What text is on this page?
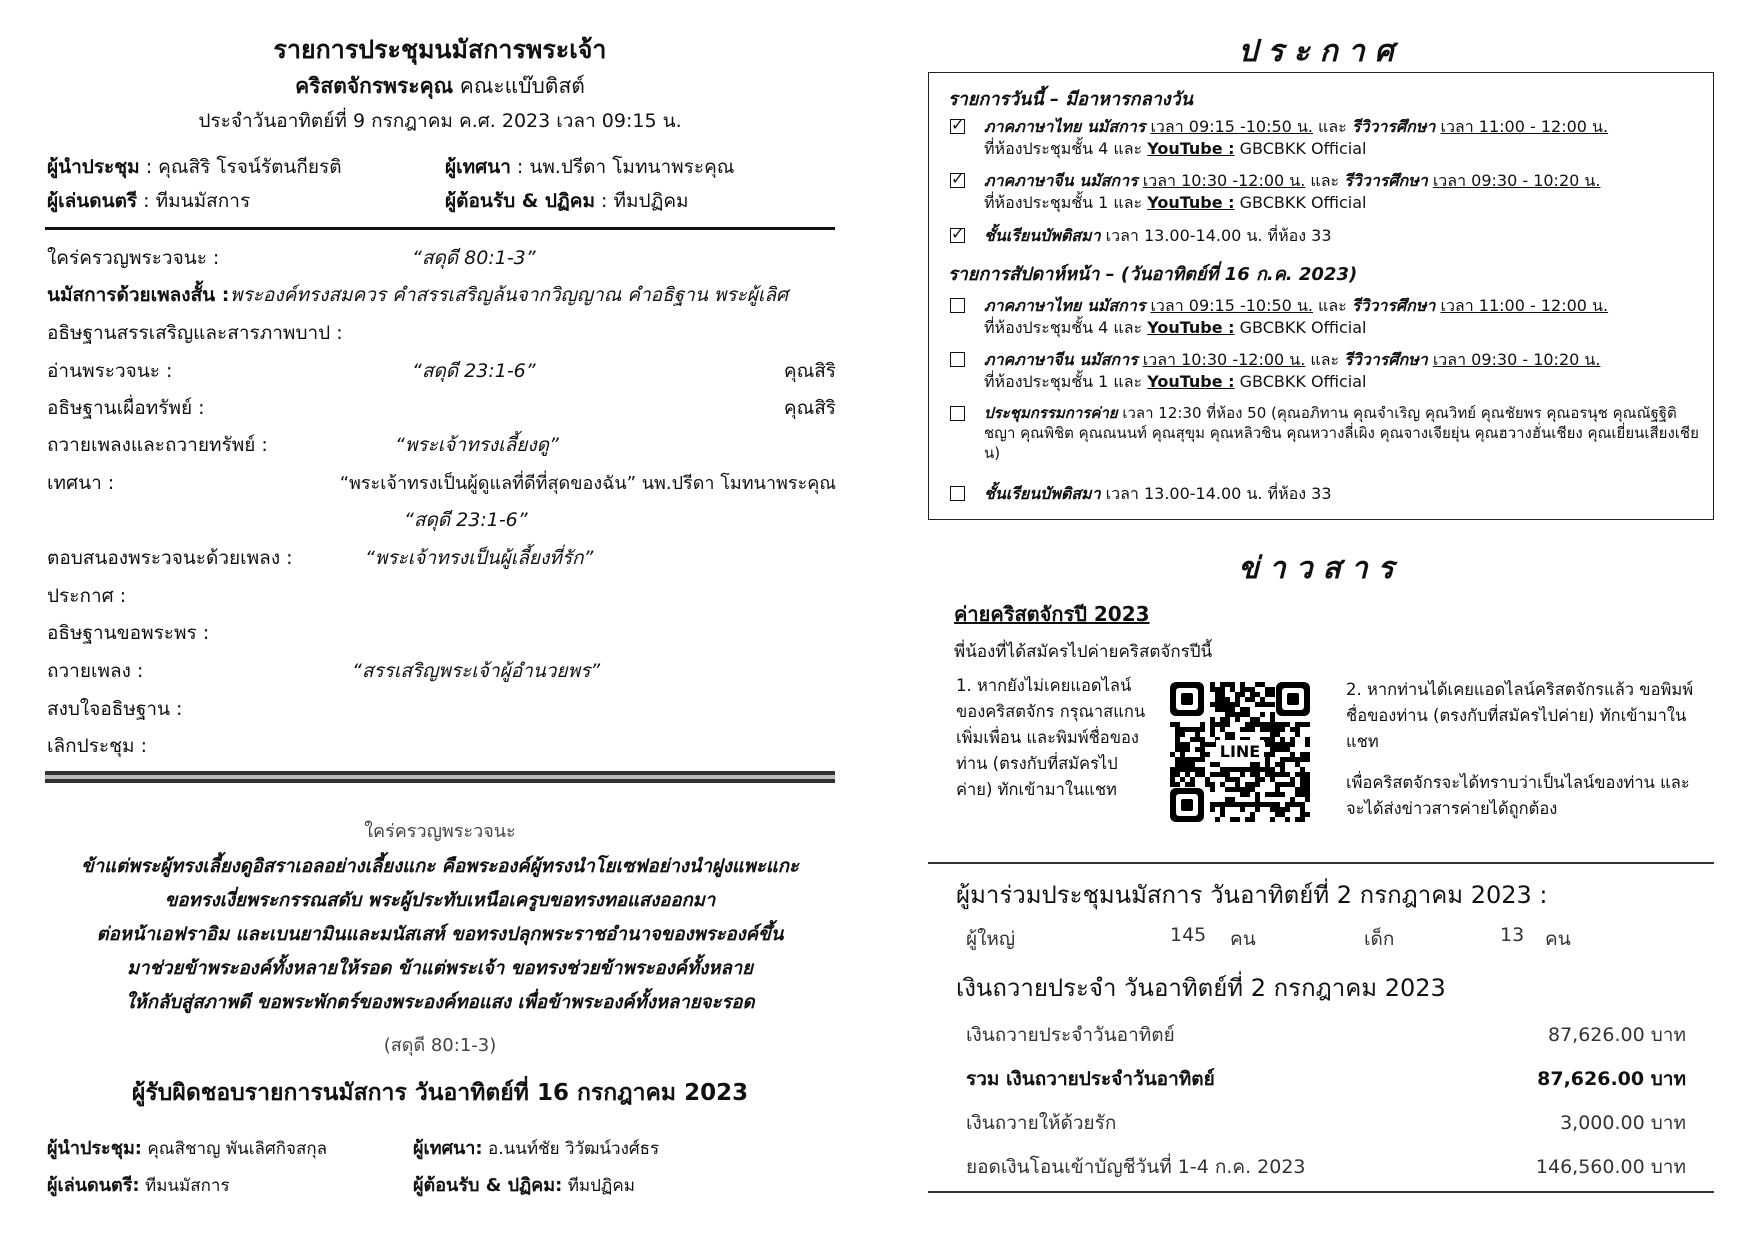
รายการประชุมนมัสการพระเจ้า
คริสตจักรพระคุณ คณะแบ๊บติสต์
ประจำวันอาทิตย์ที่ 9 กรกฎาคม ค.ศ. 2023 เวลา 09:15 น.
ผู้นำประชุม : คุณสิริ โรจน์รัตนกียรติ	ผู้เทศนา : นพ.ปรีดา โมทนาพระคุณ
ผู้เล่นดนตรี : ทีมนมัสการ	ผู้ต้อนรับ & ปฏิคม : ทีมปฏิคม
ใคร่ครวญพระวจนะ :	“สดุดี 80:1-3”
นมัสการด้วยเพลงสั้น : พระองค์ทรงสมควร คำสรรเสริญล้นจากวิญญาณ คำอธิฐาน พระผู้เลิศ
อธิษฐานสรรเสริญและสารภาพบาป :
อ่านพระวจนะ :	“สดุดี 23:1-6”	คุณสิริ
อธิษฐานเผื่อทรัพย์ :	คุณสิริ
ถวายเพลงและถวายทรัพย์ :	“พระเจ้าทรงเลี้ยงดู”
เทศนา :	“พระเจ้าทรงเป็นผู้ดูแลที่ดีที่สุดของฉัน” นพ.ปรีดา โมทนาพระคุณ
“สดุดี 23:1-6”
ตอบสนองพระวจนะด้วยเพลง :	“พระเจ้าทรงเป็นผู้เลี้ยงที่รัก”
ประกาศ :
อธิษฐานขอพระพร :
ถวายเพลง :	“สรรเสริญพระเจ้าผู้อำนวยพร”
สงบใจอธิษฐาน :
เลิกประชุม :
ใคร่ครวญพระวจนะ
ข้าแต่พระผู้ทรงเลี้ยงดูอิสราเอลอย่างเลี้ยงแกะ คือพระองค์ผู้ทรงนำโยเซฟอย่างนำฝูงแพะแกะ
ขอทรงเงี่ยพระกรรณสดับ พระผู้ประทับเหนือเครูบขอทรงทอแสงออกมา
ต่อหน้าเอฟราอิม และเบนยามินและมนัสเสห์ ขอทรงปลุกพระราชอำนาจของพระองค์ขึ้น
มาช่วยข้าพระองค์ทั้งหลายให้รอด ข้าแต่พระเจ้า ขอทรงช่วยข้าพระองค์ทั้งหลาย
ให้กลับสู่สภาพดี ขอพระพักตร์ของพระองค์ทอแสง เพื่อข้าพระองค์ทั้งหลายจะรอด
(สดุดี 80:1-3)
ผู้รับผิดชอบรายการนมัสการ วันอาทิตย์ที่ 16 กรกฎาคม 2023
ผู้นำประชุม: คุณสิชาญ พันเลิศกิจสกุล	ผู้เทศนา: อ.นนท์ชัย วิวัฒน์วงศ์ธร
ผู้เล่นดนตรี: ทีมนมัสการ	ผู้ต้อนรับ & ปฏิคม: ทีมปฏิคม
ประกาศ
รายการวันนี้ – มีอาหารกลางวัน
✓
ภาคภาษาไทย นมัสการ เวลา 09:15 -10:50 น. และ รีวิวารศึกษา เวลา 11:00 - 12:00 น.
ที่ห้องประชุมชั้น 4 และ YouTube : GBCBKK Official
✓
ภาคภาษาจีน นมัสการ เวลา 10:30 -12:00 น. และ รีวิวารศึกษา เวลา 09:30 - 10:20 น.
ที่ห้องประชุมชั้น 1 และ YouTube : GBCBKK Official
✓
ชั้นเรียนบัพติสมา เวลา 13.00-14.00 น. ที่ห้อง 33
รายการสัปดาห์หน้า – (วันอาทิตย์ที่ 16 ก.ค. 2023)
ภาคภาษาไทย นมัสการ เวลา 09:15 -10:50 น. และ รีวิวารศึกษา เวลา 11:00 - 12:00 น.
ที่ห้องประชุมชั้น 4 และ YouTube : GBCBKK Official
ภาคภาษาจีน นมัสการ เวลา 10:30 -12:00 น. และ รีวิวารศึกษา เวลา 09:30 - 10:20 น.
ที่ห้องประชุมชั้น 1 และ YouTube : GBCBKK Official
ประชุมกรรมการค่าย เวลา 12:30 ที่ห้อง 50 (คุณอภิทาน คุณจำเริญ คุณวิทย์ คุณชัยพร คุณอรนุช คุณณัฐฐิติชญา คุณพิชิต คุณณนนท์ คุณสุขุม คุณหลิวชิน คุณหวางลี่เผิง คุณจางเจียยุ่น คุณฮวางฮั่นเชียง คุณเยี่ยนเสียงเชียน)
ชั้นเรียนบัพติสมา เวลา 13.00-14.00 น. ที่ห้อง 33
ข่าวสาร
ค่ายคริสตจักรปี 2023
พี่น้องที่ได้สมัครไปค่ายคริสตจักรปีนี้
1. หากยังไม่เคยแอดไลน์ของคริสตจักร กรุณาสแกนเพิ่มเพื่อน และพิมพ์ชื่อของท่าน (ตรงกับที่สมัครไปค่าย) ทักเข้ามาในแชท
LINE
2. หากท่านได้เคยแอดไลน์คริสตจักรแล้ว ขอพิมพ์ชื่อของท่าน (ตรงกับที่สมัครไปค่าย) ทักเข้ามาในแชท
เพื่อคริสตจักรจะได้ทราบว่าเป็นไลน์ของท่าน และจะได้ส่งข่าวสารค่ายได้ถูกต้อง
ผู้มาร่วมประชุมนมัสการ วันอาทิตย์ที่ 2 กรกฎาคม 2023 :
ผู้ใหญ่	145 คน	เด็ก	13 คน
เงินถวายประจำ วันอาทิตย์ที่ 2 กรกฎาคม 2023
เงินถวายประจำวันอาทิตย์	87,626.00 บาท
รวม เงินถวายประจำวันอาทิตย์	87,626.00 บาท
เงินถวายให้ด้วยรัก	3,000.00 บาท
ยอดเงินโอนเข้าบัญชีวันที่ 1-4 ก.ค. 2023	146,560.00 บาท
